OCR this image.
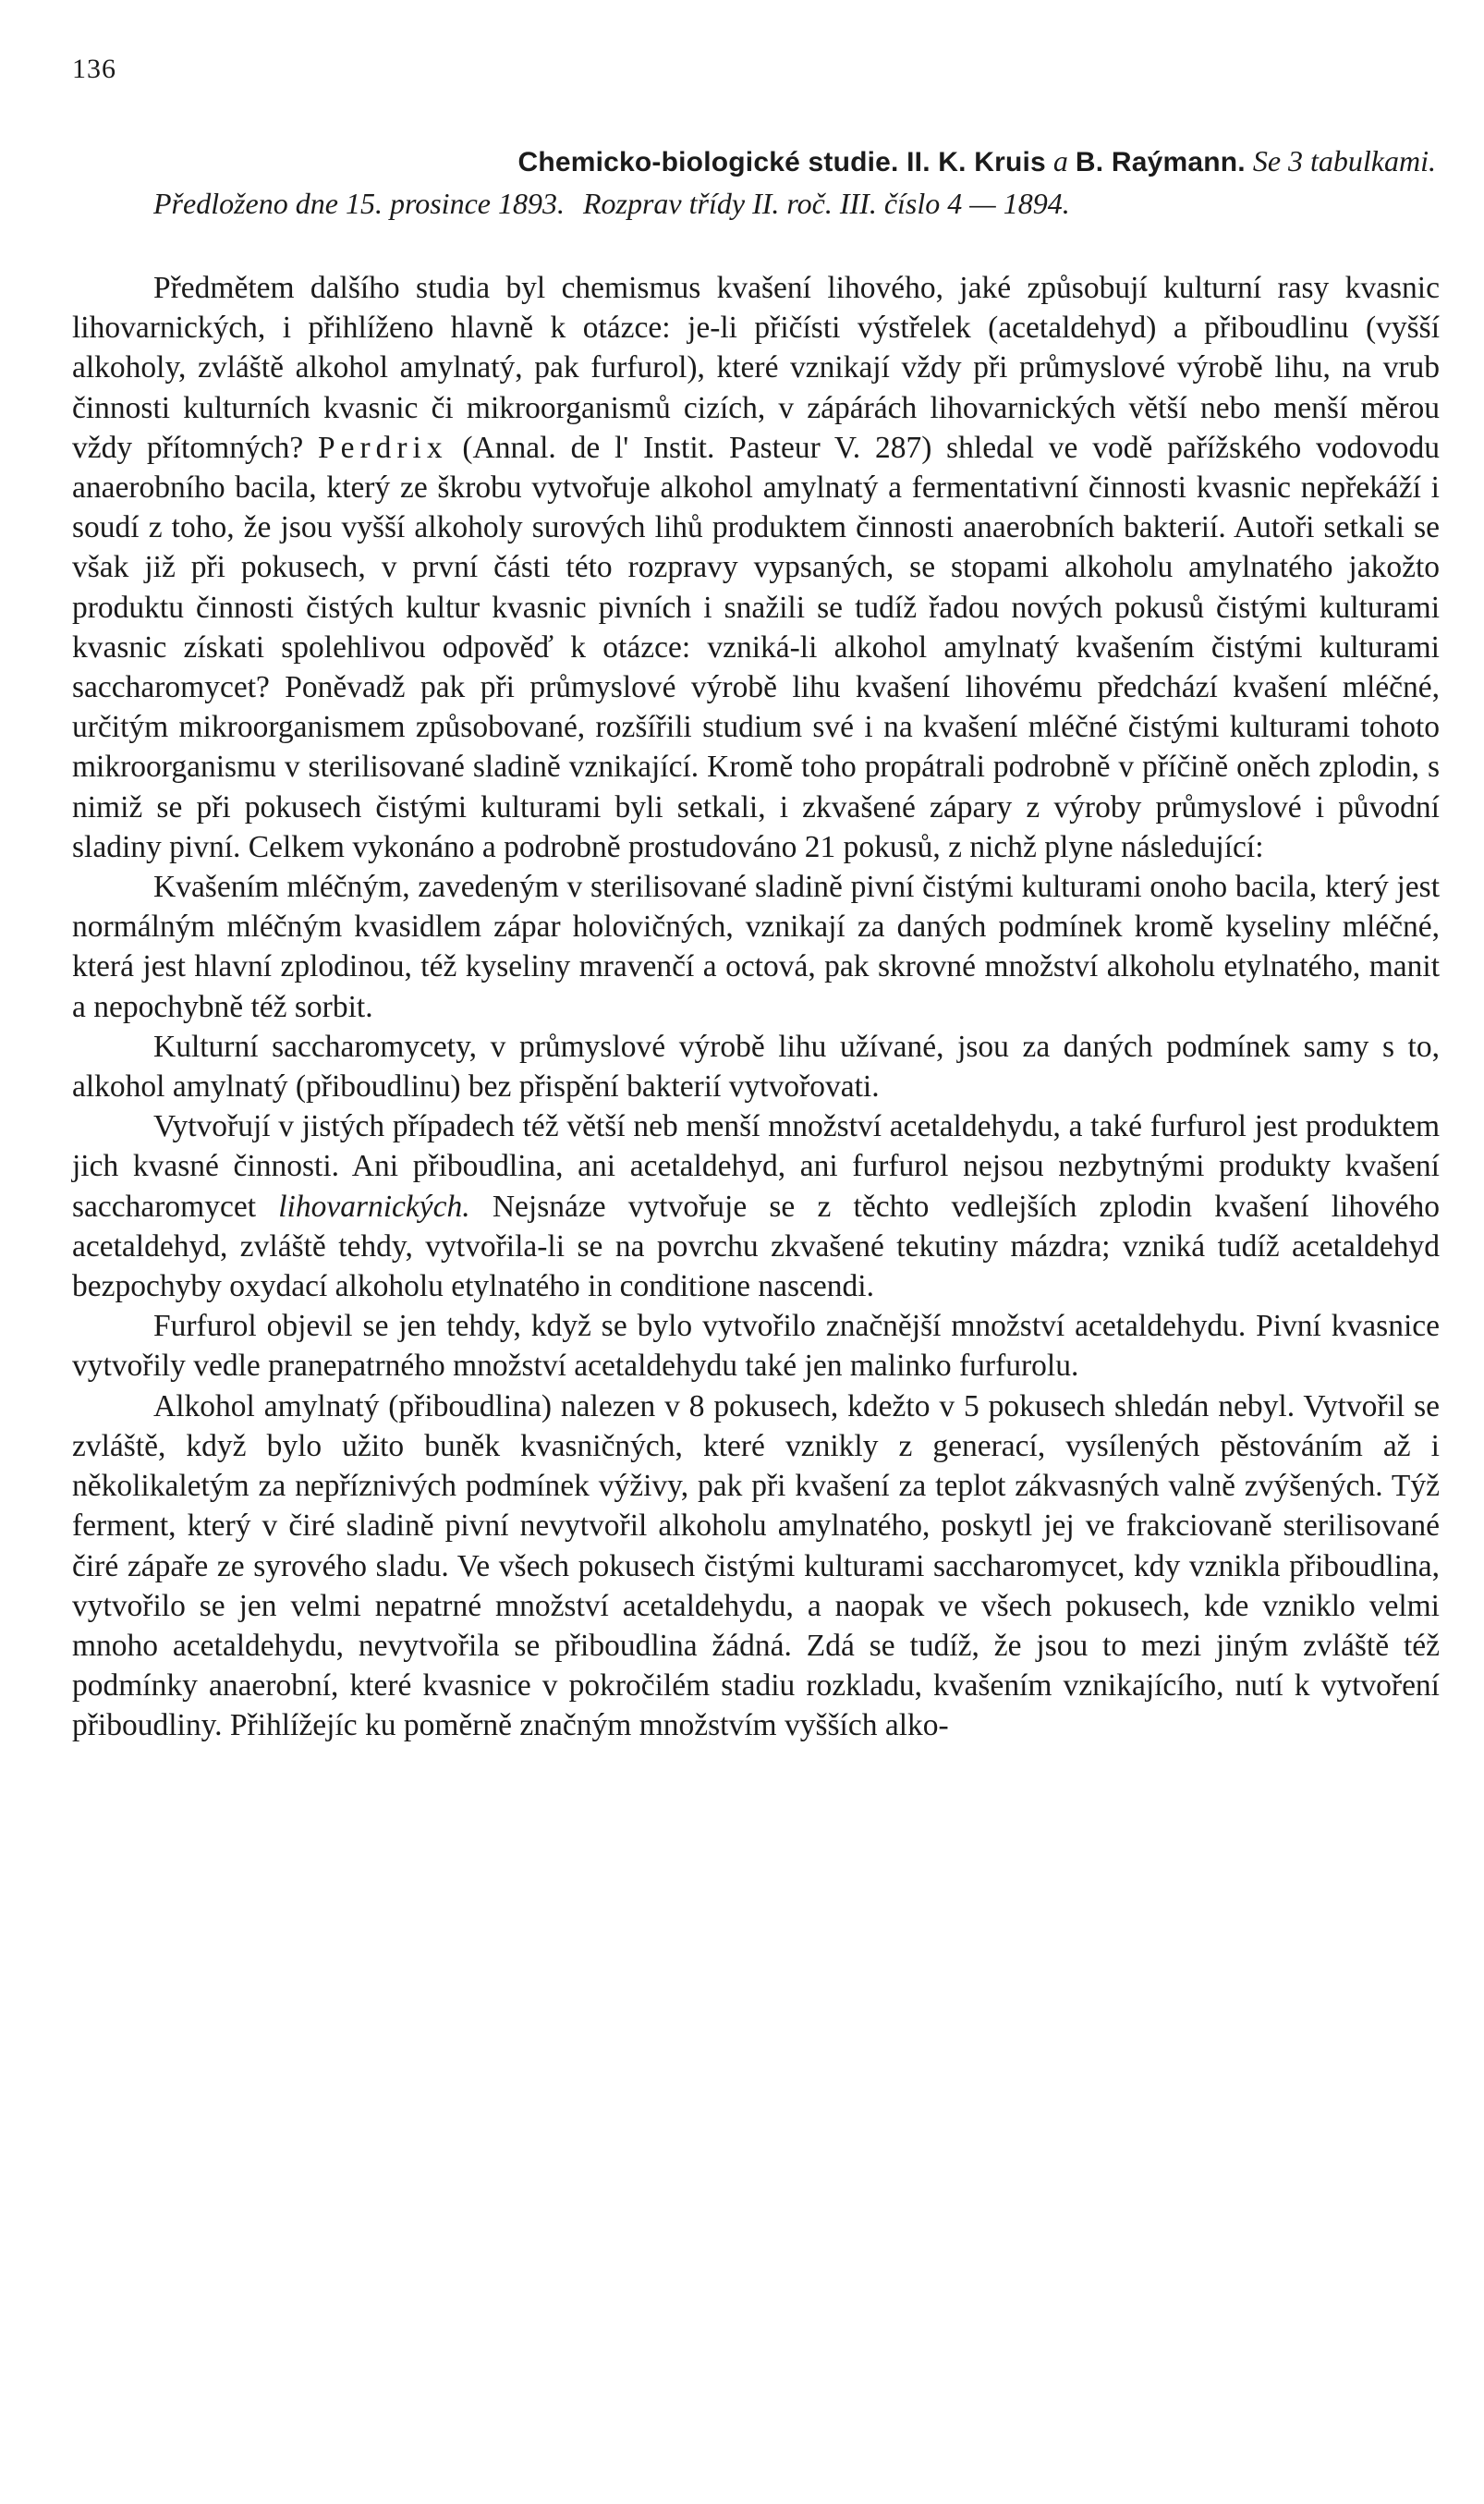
136
Chemicko-biologické studie. II. K. Kruis a B. Raýmann. Se 3 tabulkami.
Předloženo dne 15. prosince 1893. Rozprav třídy II. roč. III. číslo 4 — 1894.

Předmětem dalšího studia byl chemismus kvašení lihového, jaké způsobují kulturní rasy kvasnic lihovarnických, i přihlíženo hlavně k otázce: je-li přičísti výstřelek (acetaldehyd) a přiboudlinu (vyšší alkoholy, zvláště alkohol amylnatý, pak furfurol), které vznikají vždy při průmyslové výrobě lihu, na vrub činnosti kulturních kvasnic či mikroorganismů cizích, v zápárách lihovarnických větší nebo menší měrou vždy přítomných? Perdrix (Annal. de l' Instit. Pasteur V. 287) shledal ve vodě pařížského vodovodu anaerobního bacila, který ze škrobu vytvořuje alkohol amylnatý a fermentativní činnosti kvasnic nepřekáží i soudí z toho, že jsou vyšší alkoholy surových lihů produktem činnosti anaerobních bakterií. Autoři setkali se však již při pokusech, v první části této rozpravy vypsaných, se stopami alkoholu amylnatého jakožto produktu činnosti čistých kultur kvasnic pivních i snažili se tudíž řadou nových pokusů čistými kulturami kvasnic získati spolehlivou odpověď k otázce: vzniká-li alkohol amylnatý kvašením čistými kulturami saccharomycet? Poněvadž pak při průmyslové výrobě lihu kvašení lihovému předchází kvašení mléčné, určitým mikroorganismem způsobované, rozšířili studium své i na kvašení mléčné čistými kulturami tohoto mikroorganismu v sterilisované sladině vznikající. Kromě toho propátrali podrobně v příčině oněch zplodin, s nimiž se při pokusech čistými kulturami byli setkali, i zkvašené zápary z výroby průmyslové i původní sladiny pivní. Celkem vykonáno a podrobně prostudováno 21 pokusů, z nichž plyne následující:

Kvašením mléčným, zavedeným v sterilisované sladině pivní čistými kulturami onoho bacila, který jest normálným mléčným kvasidlem zápar holovičných, vznikají za daných podmínek kromě kyseliny mléčné, která jest hlavní zplodinou, též kyseliny mravenčí a octová, pak skrovné množství alkoholu etylnatého, manit a nepochybně též sorbit.

Kulturní saccharomycety, v průmyslové výrobě lihu užívané, jsou za daných podmínek samy s to, alkohol amylnatý (přiboudlinu) bez přispění bakterií vytvořovati.

Vytvořují v jistých případech též větší neb menší množství acetaldehydu, a také furfurol jest produktem jich kvasné činnosti. Ani přiboudlina, ani acetaldehyd, ani furfurol nejsou nezbytnými produkty kvašení saccharomycet lihovarnických. Nejsnáze vytvořuje se z těchto vedlejších zplodin kvašení lihového acetaldehyd, zvláště tehdy, vytvořila-li se na povrchu zkvašené tekutiny mázdra; vzniká tudíž acetaldehyd bezpochyby oxydací alkoholu etylnatého in conditione nascendi.

Furfurol objevil se jen tehdy, když se bylo vytvořilo značnější množství acetaldehydu. Pivní kvasnice vytvořily vedle pranepatrného množství acetaldehydu také jen malinko furfurolu.

Alkohol amylnatý (přiboudlina) nalezen v 8 pokusech, kdežto v 5 pokusech shledán nebyl. Vytvořil se zvláště, když bylo užito buněk kvasničných, které vznikly z generací, vysílených pěstováním až i několikaletým za nepříznivých podmínek výživy, pak při kvašení za teplot zákvasných valně zvýšených. Týž ferment, který v čiré sladině pivní nevytvořil alkoholu amylnatého, poskytl jej ve frakciovaně sterilisované čiré zápaře ze syrového sladu. Ve všech pokusech čistými kulturami saccharomycet, kdy vznikla přiboudlina, vytvořilo se jen velmi nepatrné množství acetaldehydu, a naopak ve všech pokusech, kde vzniklo velmi mnoho acetaldehydu, nevytvořila se přiboudlina žádná. Zdá se tudíž, že jsou to mezi jiným zvláště též podmínky anaerobní, které kvasnice v pokročilém stadiu rozkladu, kvašením vznikajícího, nutí k vytvoření přiboudliny. Přihlížejíc ku poměrně značným množstvím vyšších alko-
